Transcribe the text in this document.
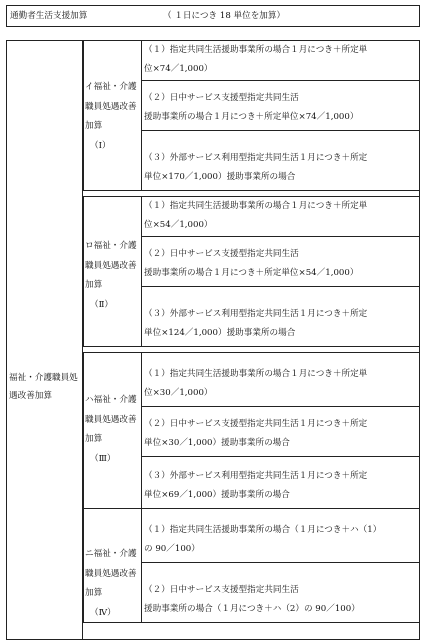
通勤者生活支援加算	（ １日につき 18 単位を加算）
福祉・介護職員処
遇改善加算
イ福祉・介護
職員処遇改善
加算
（Ⅰ）
（１）指定共同生活援助事業所の場合１月につき＋所定単
位×74／1,000）
（２）日中サービス支援型指定共同生活
援助事業所の場合１月につき＋所定単位×74／1,000）
（３）外部サービス利用型指定共同生活１月につき＋所定
単位×170／1,000）援助事業所の場合
ロ福祉・介護
職員処遇改善
加算
（Ⅱ）
（１）指定共同生活援助事業所の場合１月につき＋所定単
位×54／1,000）
（２）日中サービス支援型指定共同生活
援助事業所の場合１月につき＋所定単位×54／1,000）
（３）外部サービス利用型指定共同生活１月につき＋所定
単位×124／1,000）援助事業所の場合
ハ福祉・介護
職員処遇改善
加算
（Ⅲ）
（１）指定共同生活援助事業所の場合１月につき＋所定単
位×30／1,000）
（２）日中サービス支援型指定共同生活１月につき＋所定
単位×30／1,000）援助事業所の場合
（３）外部サービス利用型指定共同生活１月につき＋所定
単位×69／1,000）援助事業所の場合
ニ福祉・介護
職員処遇改善
加算
（Ⅳ）
（１）指定共同生活援助事業所の場合（１月につき＋ハ（1）
の 90／100）
（２）日中サービス支援型指定共同生活
援助事業所の場合（１月につき＋ハ（2）の 90／100）
